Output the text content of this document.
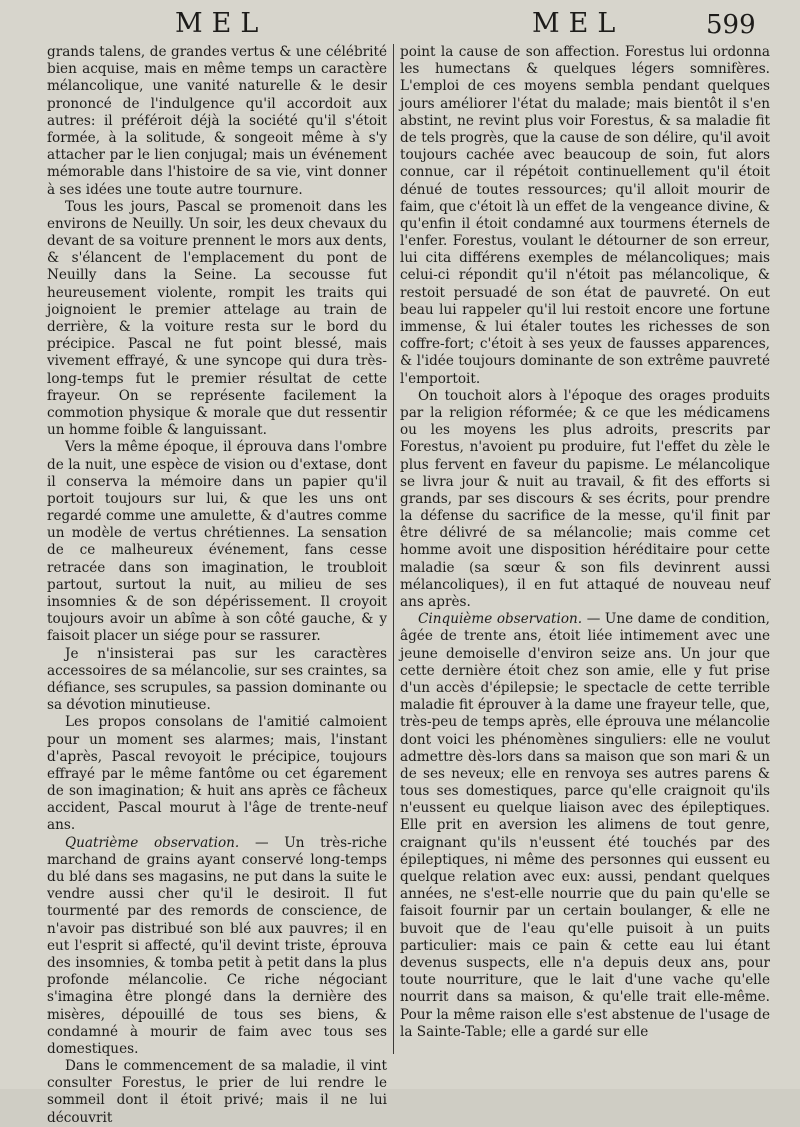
MEL	MEL	599

grands talens, de grandes vertus & une célébrité bien acquise, mais en même temps un caractère mélancolique, une vanité naturelle & le desir prononcé de l'indulgence qu'il accordoit aux autres: il préféroit déjà la société qu'il s'étoit formée, à la solitude, & songeoit même à s'y attacher par le lien conjugal; mais un événement mémorable dans l'histoire de sa vie, vint donner à ses idées une toute autre tournure.

Tous les jours, Pascal se promenoit dans les environs de Neuilly. Un soir, les deux chevaux du devant de sa voiture prennent le mors aux dents, & s'élancent de l'emplacement du pont de Neuilly dans la Seine. La secousse fut heureusement violente, rompit les traits qui joignoient le premier attelage au train de derrière, & la voiture resta sur le bord du précipice. Pascal ne fut point blessé, mais vivement effrayé, & une syncope qui dura très-long-temps fut le premier résultat de cette frayeur. On se représente facilement la commotion physique & morale que dut ressentir un homme foible & languissant.

Vers la même époque, il éprouva dans l'ombre de la nuit, une espèce de vision ou d'extase, dont il conserva la mémoire dans un papier qu'il portoit toujours sur lui, & que les uns ont regardé comme une amulette, & d'autres comme un modèle de vertus chrétiennes. La sensation de ce malheureux événement, fans cesse retracée dans son imagination, le troubloit partout, surtout la nuit, au milieu de ses insomnies & de son dépérissement. Il croyoit toujours avoir un abîme à son côté gauche, & y faisoit placer un siége pour se rassurer.

Je n'insisterai pas sur les caractères accessoires de sa mélancolie, sur ses craintes, sa défiance, ses scrupules, sa passion dominante ou sa dévotion minutieuse.

Les propos consolans de l'amitié calmoient pour un moment ses alarmes; mais, l'instant d'après, Pascal revoyoit le précipice, toujours effrayé par le même fantôme ou cet égarement de son imagination; & huit ans après ce fâcheux accident, Pascal mourut à l'âge de trente-neuf ans.

Quatrième observation. — Un très-riche marchand de grains ayant conservé long-temps du blé dans ses magasins, ne put dans la suite le vendre aussi cher qu'il le desiroit. Il fut tourmenté par des remords de conscience, de n'avoir pas distribué son blé aux pauvres; il en eut l'esprit si affecté, qu'il devint triste, éprouva des insomnies, & tomba petit à petit dans la plus profonde mélancolie. Ce riche négociant s'imagina être plongé dans la dernière des misères, dépouillé de tous ses biens, & condamné à mourir de faim avec tous ses domestiques.

Dans le commencement de sa maladie, il vint consulter Forestus, le prier de lui rendre le sommeil dont il étoit privé; mais il ne lui découvrit

point la cause de son affection. Forestus lui ordonna les humectans & quelques légers somnifères. L'emploi de ces moyens sembla pendant quelques jours améliorer l'état du malade; mais bientôt il s'en abstint, ne revint plus voir Forestus, & sa maladie fit de tels progrès, que la cause de son délire, qu'il avoit toujours cachée avec beaucoup de soin, fut alors connue, car il répétoit continuellement qu'il étoit dénué de toutes ressources; qu'il alloit mourir de faim, que c'étoit là un effet de la vengeance divine, & qu'enfin il étoit condamné aux tourmens éternels de l'enfer. Forestus, voulant le détourner de son erreur, lui cita différens exemples de mélancoliques; mais celui-ci répondit qu'il n'étoit pas mélancolique, & restoit persuadé de son état de pauvreté. On eut beau lui rappeler qu'il lui restoit encore une fortune immense, & lui étaler toutes les richesses de son coffre-fort; c'étoit à ses yeux de fausses apparences, & l'idée toujours dominante de son extrême pauvreté l'emportoit.

On touchoit alors à l'époque des orages produits par la religion réformée; & ce que les médicamens ou les moyens les plus adroits, prescrits par Forestus, n'avoient pu produire, fut l'effet du zèle le plus fervent en faveur du papisme. Le mélancolique se livra jour & nuit au travail, & fit des efforts si grands, par ses discours & ses écrits, pour prendre la défense du sacrifice de la messe, qu'il finit par être délivré de sa mélancolie; mais comme cet homme avoit une disposition héréditaire pour cette maladie (sa sœur & son fils devinrent aussi mélancoliques), il en fut attaqué de nouveau neuf ans après.

Cinquième observation. — Une dame de condition, âgée de trente ans, étoit liée intimement avec une jeune demoiselle d'environ seize ans. Un jour que cette dernière étoit chez son amie, elle y fut prise d'un accès d'épilepsie; le spectacle de cette terrible maladie fit éprouver à la dame une frayeur telle, que, très-peu de temps après, elle éprouva une mélancolie dont voici les phénomènes singuliers: elle ne voulut admettre dès-lors dans sa maison que son mari & un de ses neveux; elle en renvoya ses autres parens & tous ses domestiques, parce qu'elle craignoit qu'ils n'eussent eu quelque liaison avec des épileptiques. Elle prit en aversion les alimens de tout genre, craignant qu'ils n'eussent été touchés par des épileptiques, ni même des personnes qui eussent eu quelque relation avec eux: aussi, pendant quelques années, ne s'est-elle nourrie que du pain qu'elle se faisoit fournir par un certain boulanger, & elle ne buvoit que de l'eau qu'elle puisoit à un puits particulier: mais ce pain & cette eau lui étant devenus suspects, elle n'a depuis deux ans, pour toute nourriture, que le lait d'une vache qu'elle nourrit dans sa maison, & qu'elle trait elle-même. Pour la même raison elle s'est abstenue de l'usage de la Sainte-Table; elle a gardé sur elle
